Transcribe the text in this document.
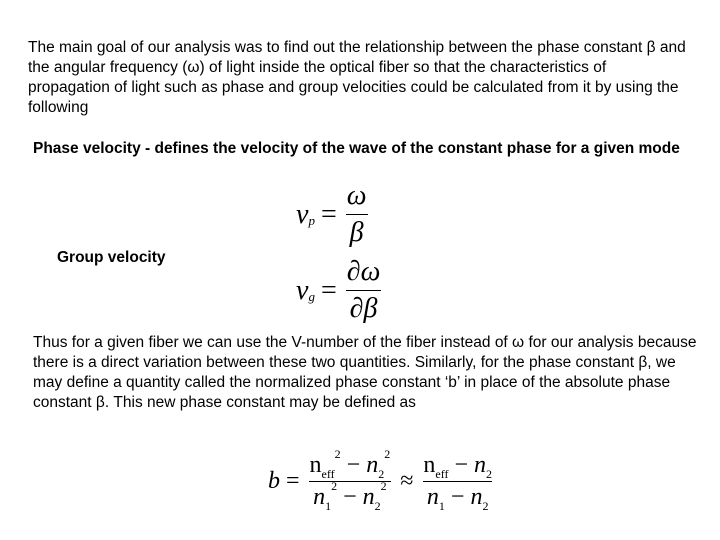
The main goal of our analysis was to find out the relationship between the phase constant β and the angular frequency (ω) of light inside the optical fiber so that the characteristics of propagation of light such as phase and group velocities could be calculated from it by using the following

Phase velocity - defines the velocity of the wave of the constant phase for a given mode

v $p = \frac{\omega}{\beta}$

Group velocity

v $g = \frac{\partial\omega}{\partial\beta}$

Thus for a given fiber we can use the V-number of the fiber instead of ω for our analysis because there is a direct variation between these two quantities. Similarly, for the phase constant β, we may define a quantity called the normalized phase constant ‘b’ in place of the absolute phase constant β. This new phase constant may be defined as

$b = \frac{n_{eff}^2 - n_2^2}{n_1^2 - n_2^2} \approx \frac{n_{eff} - n_2}{n_1 - n_2}$
